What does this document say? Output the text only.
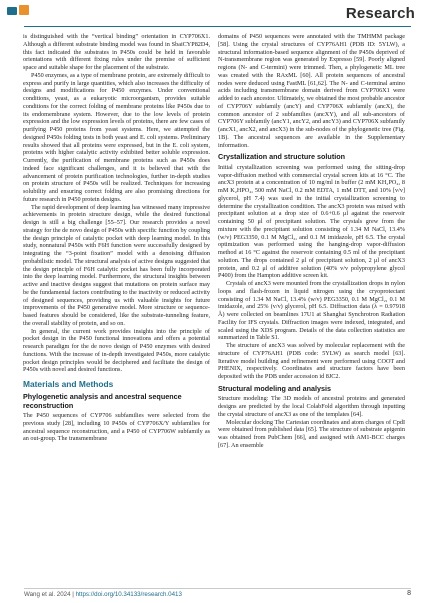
Research

is distinguished with the “vertical binding” orientation in CYP706X1. Although a different substrate binding model was found in SbaiCYP82D4, this fact indicated the substrates in P450s could be held in favorable orientations with different fixing rules under the premise of sufficient space and suitable shape for the placement of the substrate.

P450 enzymes, as a type of membrane protein, are extremely difficult to express and purify in large quantities, which also increases the difficulty of designs and modifications for P450 enzymes. Under conventional conditions, yeast, as a eukaryotic microorganism, provides suitable conditions for the correct folding of membrane proteins like P450s due to its endomembrane system. However, due to the low levels of protein expression and the low expression levels of proteins, there are few cases of purifying P450 proteins from yeast systems. Here, we attempted the designed P450s folding tests in both yeast and E. coli systems. Preliminary results showed that all proteins were expressed, but in the E. coli system, proteins with higher catalytic activity exhibited better soluble expression. Currently, the purification of membrane proteins such as P450s does indeed face significant challenges, and it is believed that with the advancement of protein purification technologies, further in-depth studies on protein structure of P450s will be realized. Techniques for increasing solubility and ensuring correct folding are also promising directions for future research in P450 protein designs.

The rapid development of deep learning has witnessed many impressive achievements in protein structure design, while the desired functional design is still a big challenge [55–57]. Our research provides a novel strategy for the de novo design of P450s with specific function by coupling the design principle of catalytic pocket with deep learning model. In this study, nonnatural P450s with F6H function were successfully designed by integrating the “3-point fixation” model with a denoising diffusion probabilistic model. The structural analysis of active designs suggested that the design principle of F6H catalytic pocket has been fully incorporated into the deep learning model. Furthermore, the structural insights between active and inactive designs suggest that mutations on protein surface may be the fundamental factors contributing to the inactivity or reduced activity of designed sequences, providing us with valuable insights for future improvements of the P450 generative model. More structure or sequence-based features should be considered, like the substrate-tunneling feature, the overall stability of protein, and so on.

In general, the current work provides insights into the principle of pocket design in the P450 functional innovations and offers a potential research paradigm for the de novo design of P450 enzymes with desired functions. With the increase of in-depth investigated P450s, more catalytic pocket design principles would be deciphered and facilitate the design of P450s with novel and desired functions.

Materials and Methods
Phylogenetic analysis and ancestral sequence reconstruction

The P450 sequences of CYP706 subfamilies were selected from the previous study [28], including 10 P450s of CYP706X/Y subfamilies for ancestral sequence reconstruction, and a P450 of CYP706W subfamily as an out-group. The transmembrane

domains of P450 sequences were annotated with the TMHMM package [58]. Using the crystal structures of CYP76AH1 (PDB ID: 5YLW), a structural information-based sequence alignment of the P450s deprived of N-transmembrane region was generated by Expresso [59]. Poorly aligned regions (N- and C-termini) were trimmed. Then, a phylogenetic ML tree was created with the RAxML [60]. All protein sequences of ancestral nodes were deduced using FastML [61,62]. The N- and C-terminal amino acids including transmembrane domain derived from CYP706X1 were added to each ancestor. Ultimately, we obtained the most probable ancestor of CYP706Y subfamily (ancY) and CYP706X subfamily (ancX), the common ancestor of 2 subfamilies (ancXY), and all sub-ancestors of CYP706Y subfamily (ancY1, ancY2, and ancY3) and CYP706X subfamily (ancX1, ancX2, and ancX3) in the sub-nodes of the phylogenetic tree (Fig. 1B). The ancestral sequences are available in the Supplementary information.

Crystallization and structure solution

Initial crystallization screening was performed using the sitting-drop vapor-diffusion method with commercial crystal screen kits at 16 °C. The ancX3 protein at a concentration of 10 mg/ml in buffer (2 mM KH₂PO₄, 8 mM K₂HPO₄, 500 mM NaCl, 0.2 mM EDTA, 1 mM DTT, and 10% [v/v] glycerol, pH 7.4) was used in the initial crystallization screening to determine the crystallization condition. The ancX3 protein was mixed with precipitant solution at a drop size of 0.6+0.6 μl against the reservoir containing 50 μl of precipitant solution. The crystals grew from the mixture with the precipitant solution consisting of 1.34 M NaCl, 13.4% (w/v) PEG3350, 0.1 M MgCl₂, and 0.1 M imidazole, pH 6.5. The crystal optimization was performed using the hanging-drop vapor-diffusion method at 16 °C against the reservoir containing 0.5 ml of the precipitant solution. The drops contained 2 μl of precipitant solution, 2 μl of ancX3 protein, and 0.2 μl of additive solution (40% v/v polypropylene glycol P400) from the Hampton additive screen kit.

Crystals of ancX3 were mounted from the crystallization drops in nylon loops and flash-frozen in liquid nitrogen using the cryoprotectant consisting of 1.34 M NaCl, 13.4% (w/v) PEG3350, 0.1 M MgCl₂, 0.1 M imidazole, and 25% (v/v) glycerol, pH 6.5. Diffraction data (λ = 0.97918 Å) were collected on beamlines 17U1 at Shanghai Synchrotron Radiation Facility for IFS crystals. Diffraction images were indexed, integrated, and scaled using the XDS program. Details of the data collection statistics are summarized in Table S1.

The structure of ancX3 was solved by molecular replacement with the structure of CYP76AH1 (PDB code: 5YLW) as search model [63]. Iterative model building and refinement were performed using COOT and PHENIX, respectively. Coordinates and structure factors have been deposited with the PDB under accession id 8JC2.

Structural modeling and analysis

Structure modeling: The 3D models of ancestral proteins and generated designs are predicted by the local ColabFold algorithm through inputting the crystal structure of ancX3 as one of the templates [64].

Molecular docking The Cartesian coordinates and atom charges of CpdI were obtained from published data [65]. The structure of substrate apigenin was obtained from PubChem [66], and assigned with AM1-BCC charges [67]. An ensemble

Wang et al. 2024 | https://doi.org/10.34133/research.0413	8
